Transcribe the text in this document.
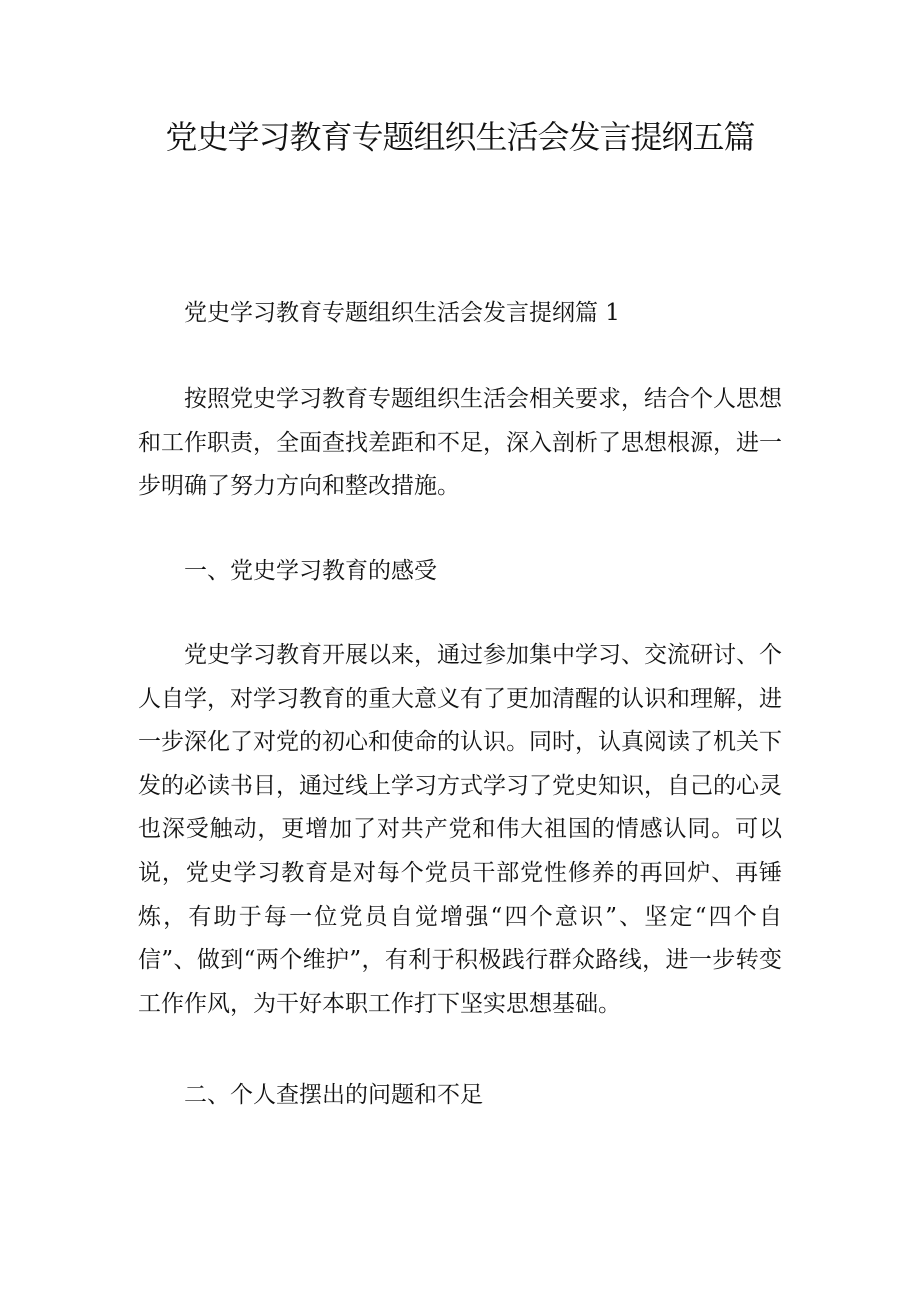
党史学习教育专题组织生活会发言提纲五篇

党史学习教育专题组织生活会发言提纲篇 1

按照党史学习教育专题组织生活会相关要求，结合个人思想和工作职责，全面查找差距和不足，深入剖析了思想根源，进一步明确了努力方向和整改措施。

一、党史学习教育的感受

党史学习教育开展以来，通过参加集中学习、交流研讨、个人自学，对学习教育的重大意义有了更加清醒的认识和理解，进一步深化了对党的初心和使命的认识。同时，认真阅读了机关下发的必读书目，通过线上学习方式学习了党史知识，自己的心灵也深受触动，更增加了对共产党和伟大祖国的情感认同。可以说，党史学习教育是对每个党员干部党性修养的再回炉、再锤炼，有助于每一位党员自觉增强“四个意识”、坚定“四个自信”、做到“两个维护”，有利于积极践行群众路线，进一步转变工作作风，为干好本职工作打下坚实思想基础。

二、个人查摆出的问题和不足
